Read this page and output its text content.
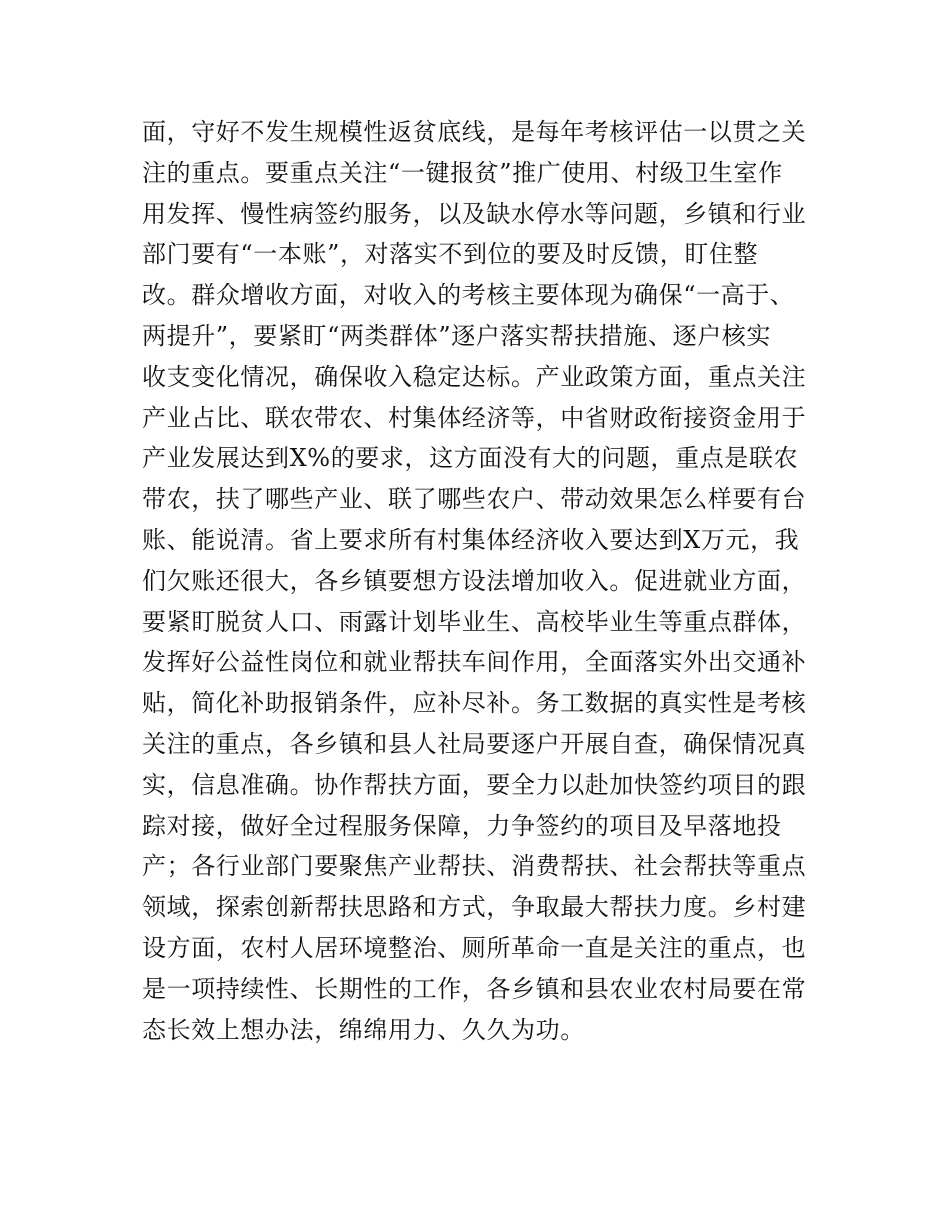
面，守好不发生规模性返贫底线，是每年考核评估一以贯之关
注的重点。要重点关注“一键报贫”推广使用、村级卫生室作
用发挥、慢性病签约服务，以及缺水停水等问题，乡镇和行业
部门要有“一本账”，对落实不到位的要及时反馈，盯住整
改。群众增收方面，对收入的考核主要体现为确保“一高于、
两提升”，要紧盯“两类群体”逐户落实帮扶措施、逐户核实
收支变化情况，确保收入稳定达标。产业政策方面，重点关注
产业占比、联农带农、村集体经济等，中省财政衔接资金用于
产业发展达到X%的要求，这方面没有大的问题，重点是联农
带农，扶了哪些产业、联了哪些农户、带动效果怎么样要有台
账、能说清。省上要求所有村集体经济收入要达到X万元，我
们欠账还很大，各乡镇要想方设法增加收入。促进就业方面，
要紧盯脱贫人口、雨露计划毕业生、高校毕业生等重点群体，
发挥好公益性岗位和就业帮扶车间作用，全面落实外出交通补
贴，简化补助报销条件，应补尽补。务工数据的真实性是考核
关注的重点，各乡镇和县人社局要逐户开展自查，确保情况真
实，信息准确。协作帮扶方面，要全力以赴加快签约项目的跟
踪对接，做好全过程服务保障，力争签约的项目及早落地投
产；各行业部门要聚焦产业帮扶、消费帮扶、社会帮扶等重点
领域，探索创新帮扶思路和方式，争取最大帮扶力度。乡村建
设方面，农村人居环境整治、厕所革命一直是关注的重点，也
是一项持续性、长期性的工作，各乡镇和县农业农村局要在常
态长效上想办法，绵绵用力、久久为功。
